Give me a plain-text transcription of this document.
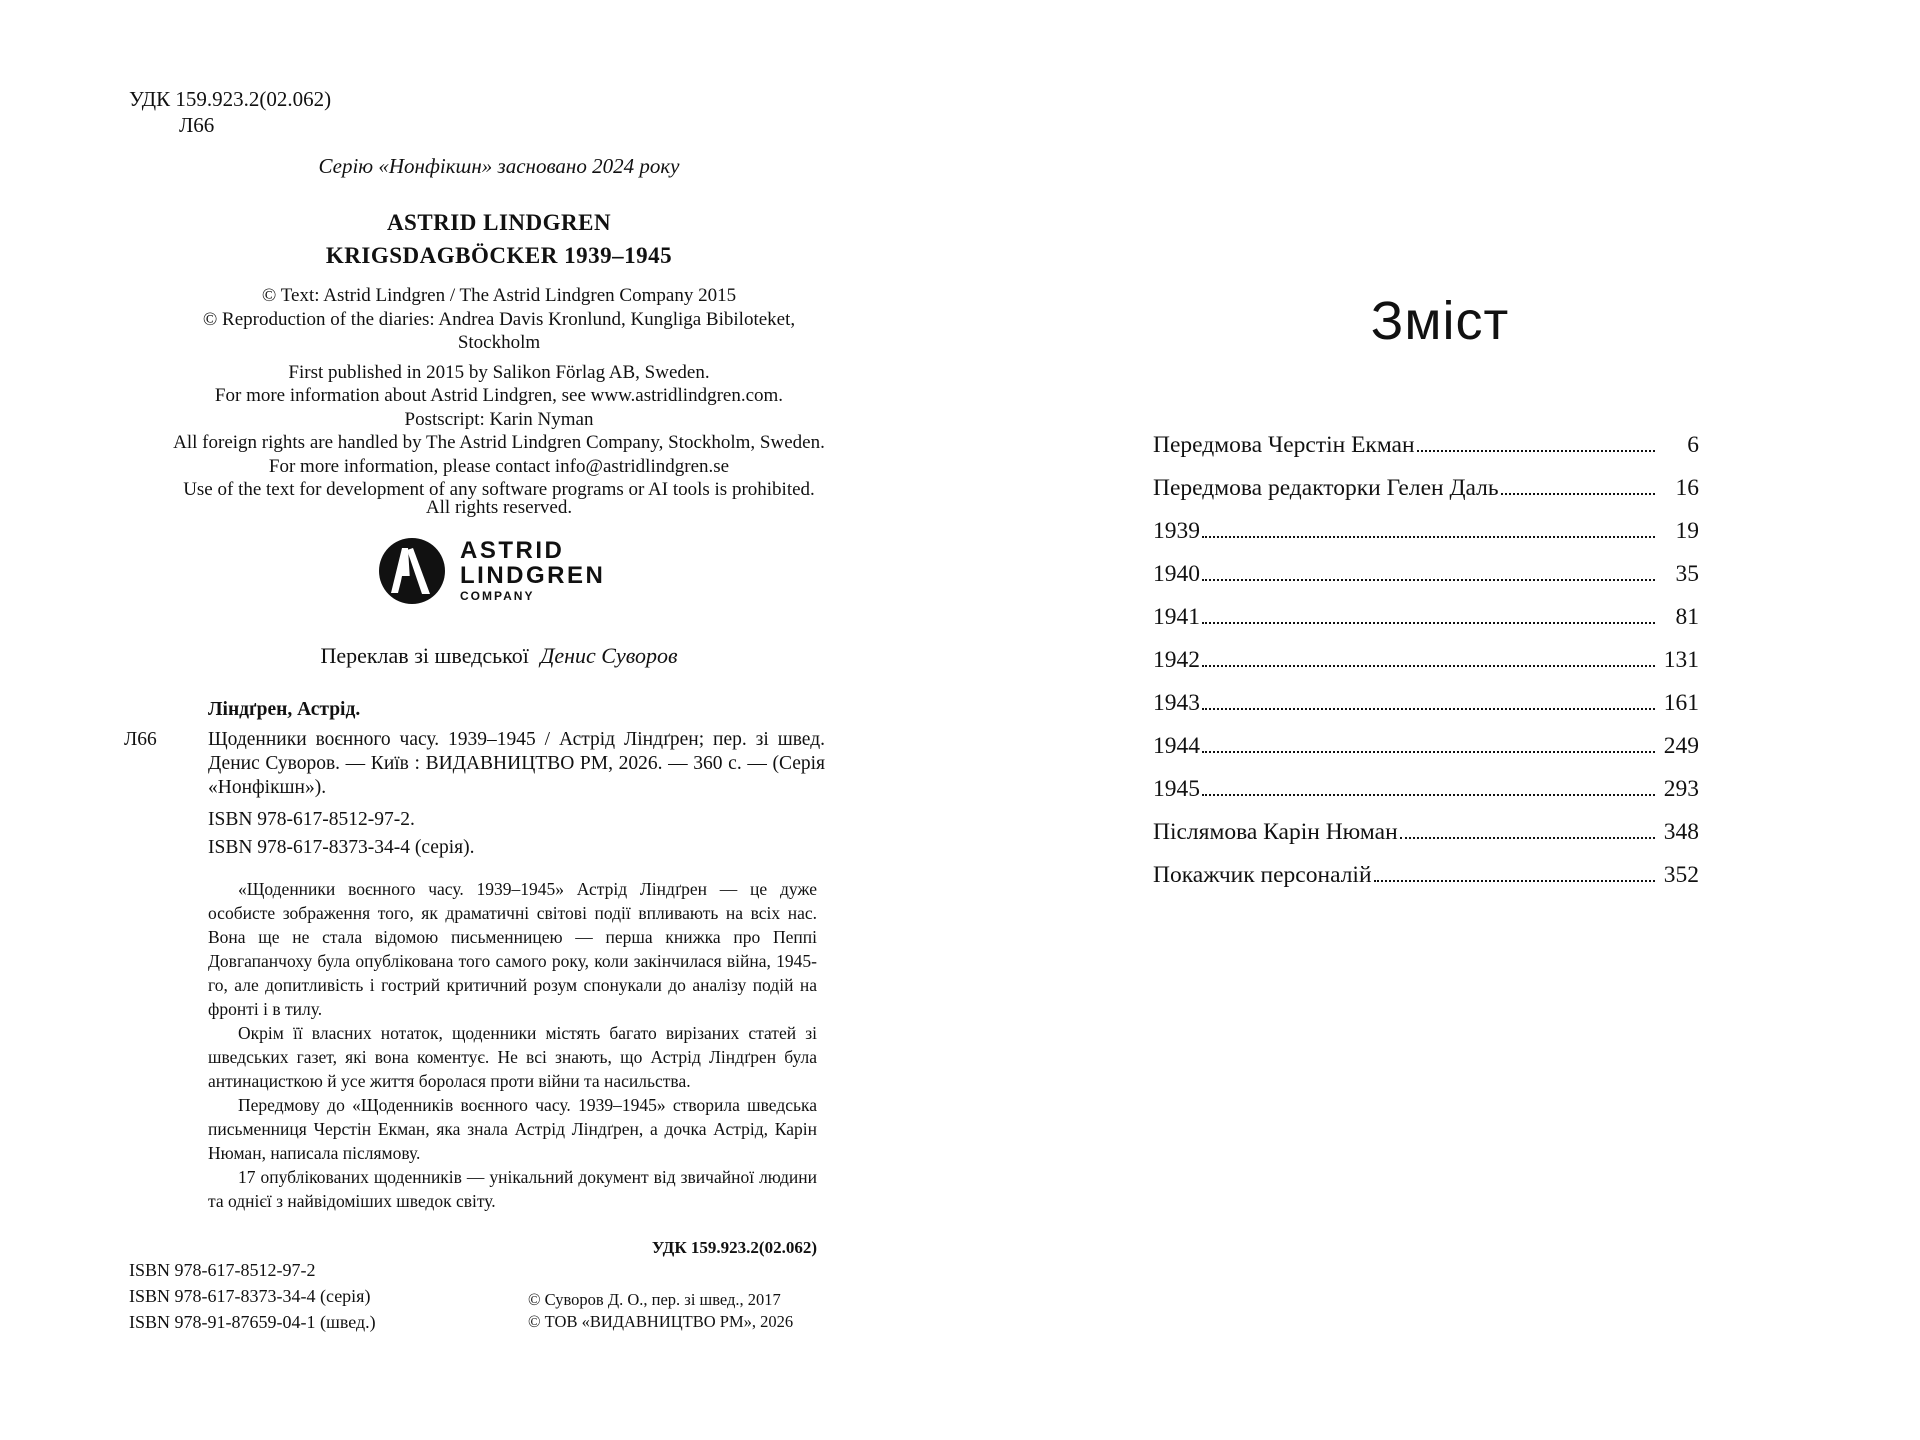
УДК 159.923.2(02.062)
Л66
Серію «Нонфікшн» засновано 2024 року
ASTRID LINDGREN
KRIGSDAGBÖCKER 1939–1945
© Text: Astrid Lindgren / The Astrid Lindgren Company 2015
© Reproduction of the diaries: Andrea Davis Kronlund, Kungliga Bibiloteket,
Stockholm
First published in 2015 by Salikon Förlag AB, Sweden.
For more information about Astrid Lindgren, see www.astridlindgren.com.
Postscript: Karin Nyman
All foreign rights are handled by The Astrid Lindgren Company, Stockholm, Sweden.
For more information, please contact info@astridlindgren.se
Use of the text for development of any software programs or AI tools is prohibited.
All rights reserved.
ASTRID
LINDGREN
COMPANY
Переклав зі шведської Денис Суворов
Ліндґрен, Астрід.
Л66	Щоденники воєнного часу. 1939–1945 / Астрід Ліндґрен; пер. зі швед. Денис Суворов. — Київ : ВИДАВНИЦТВО РМ, 2026. — 360 с. — (Серія «Нонфікшн»).
ISBN 978-617-8512-97-2.
ISBN 978-617-8373-34-4 (серія).

«Щоденники воєнного часу. 1939–1945» Астрід Ліндґрен — це дуже особисте зображення того, як драматичні світові події впливають на всіх нас. Вона ще не стала відомою письменницею — перша книжка про Пеппі Довгапанчоху була опублікована того самого року, коли закінчилася війна, 1945-го, але допитливість і гострий критичний розум спонукали до аналізу подій на фронті і в тилу.

Окрім її власних нотаток, щоденники містять багато вирізаних статей зі шведських газет, які вона коментує. Не всі знають, що Астрід Ліндґрен була антинацисткою й усе життя боролася проти війни та насильства.

Передмову до «Щоденників воєнного часу. 1939–1945» створила шведська письменниця Черстін Екман, яка знала Астрід Ліндґрен, а дочка Астрід, Карін Нюман, написала післямову.

17 опублікованих щоденників — унікальний документ від звичайної людини та однієї з найвідоміших шведок світу.

УДК 159.923.2(02.062)
ISBN 978-617-8512-97-2
ISBN 978-617-8373-34-4 (серія)
ISBN 978-91-87659-04-1 (швед.)
© Суворов Д. О., пер. зі швед., 2017
© ТОВ «ВИДАВНИЦТВО РМ», 2026
Зміст
Передмова Черстін Екман	6
Передмова редакторки Гелен Даль	16
1939	19
1940	35
1941	81
1942	131
1943	161
1944	249
1945	293
Післямова Карін Нюман	348
Покажчик персоналій	352
